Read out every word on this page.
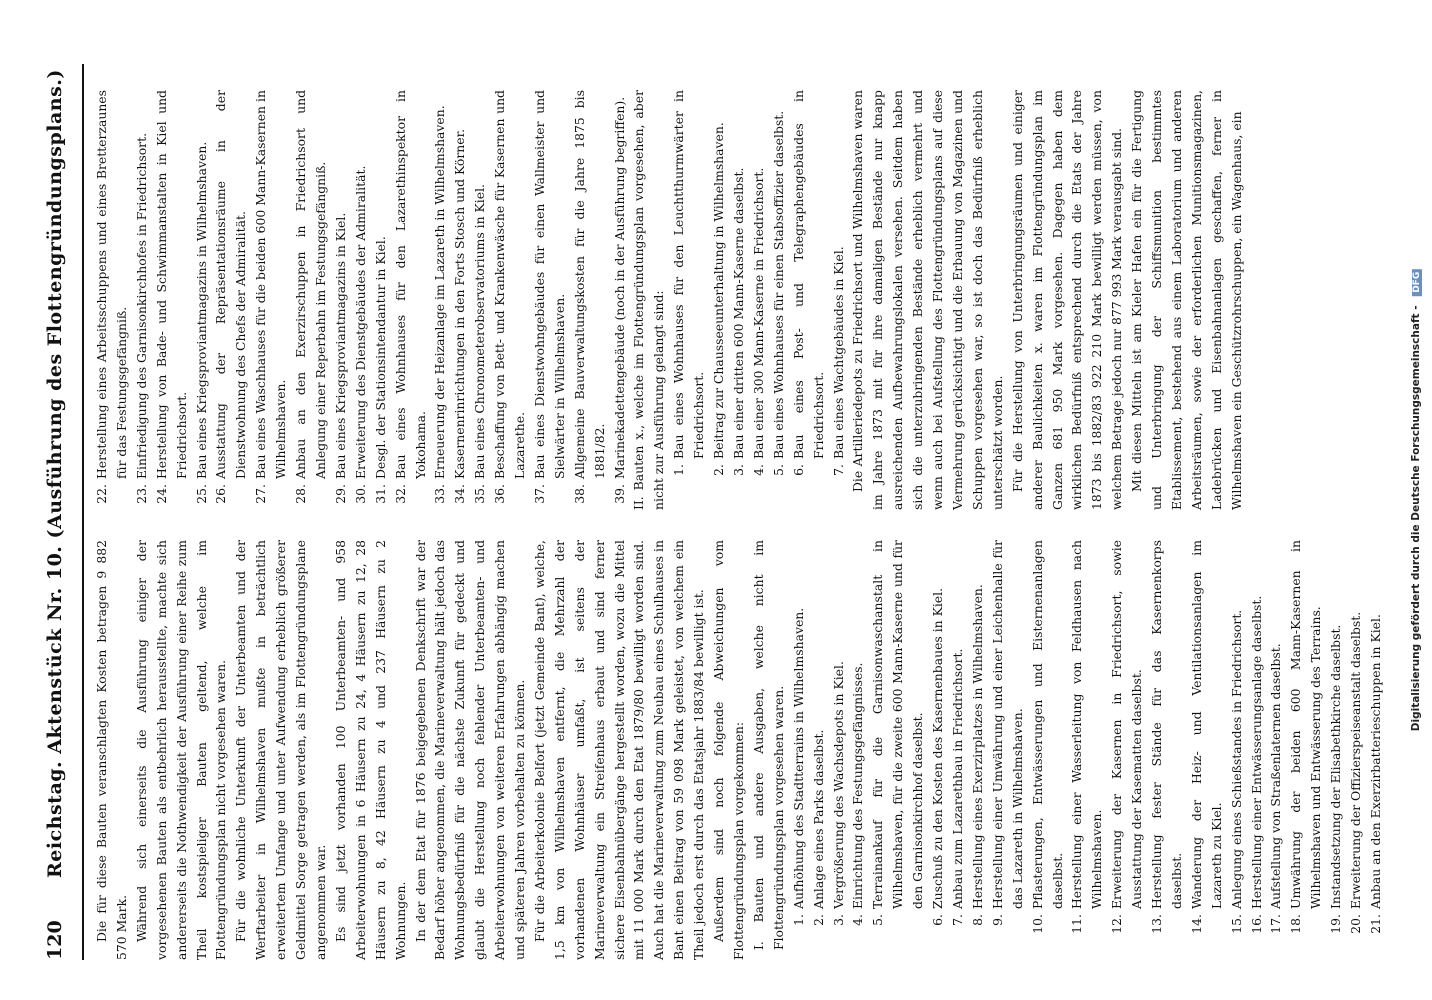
120
Reichstag. Aktenstück Nr. 10. (Ausführung des Flottengründungsplans.) Die für diese Bauten veranschlagten Kosten betragen 9 882 570 Mark. Während sich einerseits die Ausführung einiger der vorgesehenen Bauten als entbehrlich herausstellte, machte sich andererseits die Nothwendigkeit der Ausführung einer Reihe zum Theil kostspieliger Bauten geltend, welche im Flottengründungsplan nicht vorgesehen waren. Für die wohnliche Unterkunft der Unterbeamten und der Werftarbeiter in Wilhelmshaven mußte in beträchtlich erweitertem Umfange und unter Aufwendung erheblich größerer Geldmittel Sorge getragen werden, als im Flottengründungsplane angenommen war. Es sind jetzt vorhanden 100 Unterbeamten- und 958 Arbeiterwohnungen in 6 Häusern zu 24, 4 Häusern zu 12, 28 Häusern zu 8, 42 Häusern zu 4 und 237 Häusern zu 2 Wohnungen. In der dem Etat für 1876 beigegebenen Denkschrift war der Bedarf höher angenommen, die Marineverwaltung hält jedoch das Wohnungsbedürfniß für die nächste Zukunft für gedeckt und glaubt die Herstellung noch fehlender Unterbeamten- und Arbeiterwohnungen von weiteren Erfahrungen abhängig machen und späteren Jahren vorbehalten zu können. Für die Arbeiterkolonie Belfort (jetzt Gemeinde Bant), welche, 1,5 km von Wilhelmshaven entfernt, die Mehrzahl der vorhandenen Wohnhäuser umfaßt, ist seitens der Marineverwaltung ein Streifenhaus erbaut und sind ferner sichere Eisenbahnübergänge hergestellt worden, wozu die Mittel mit 11 000 Mark durch den Etat 1879/80 bewilligt worden sind. Auch hat die Marineverwaltung zum Neubau eines Schulhauses in Bant einen Beitrag von 59 098 Mark geleistet, von welchem ein Theil jedoch erst durch das Etatsjahr 1883/84 bewilligt ist. Außerdem sind noch folgende Abweichungen vom Flottengründungsplan vorgekommen: I. Bauten und andere Ausgaben, welche nicht im Flottengründungsplan vorgesehen waren. 1.
Aufhöhung des Stadtterrains in Wilhelmshaven.
2.
Anlage eines Parks daselbst.
3.
Vergrößerung des Wachsdepots in Kiel.
4.
Einrichtung des Festungsgefängnisses.
5.
Terrainankauf für die Garnisonwaschanstalt in Wilhelmshaven, für die zweite 600 Mann-Kaserne und für den Garnisonkirchhof daselbst.
6.
Zuschuß zu den Kosten des Kasernenbaues in Kiel.
7.
Anbau zum Lazarethbau in Friedrichsort.
8.
Herstellung eines Exerzirplatzes in Wilhelmshaven.
9.
Herstellung einer Umwährung und einer Leichenhalle für das Lazareth in Wilhelmshaven.
10.
Pflasterungen, Entwässerungen und Eisternenanlagen daselbst.
11.
Herstellung einer Wasserleitung von Feldhausen nach Wilhelmshaven.
12.
Erweiterung der Kasernen in Friedrichsort, sowie Ausstattung der Kasematten daselbst.
13.
Herstellung fester Stände für das Kasernenkorps daselbst.
14.
Wanderung der Heiz- und Ventilationsanlagen im Lazareth zu Kiel.
15.
Anlegung eines Schießstandes in Friedrichsort.
16.
Herstellung einer Entwässerungsanlage daselbst.
17.
Aufstellung von Straßenlaternen daselbst.
18.
Umwährung der beiden 600 Mann-Kasernen in Wilhelmshaven und Entwässerung des Terrains.
19.
Instandsetzung der Elisabethkirche daselbst.
20.
Erweiterung der Offizierspeiseanstalt daselbst.
21.
Anbau an den Exerzirbatterieschuppen in Kiel.
22.
Herstellung eines Arbeitsschuppens und eines Bretterzaunes für das Festungsgefängniß.
23.
Einfriedigung des Garnisonkirchhofes in Friedrichsort.
24.
Herstellung von Bade- und Schwimmanstalten in Kiel und Friedrichsort.
25.
Bau eines Kriegsproviantmagazins in Wilhelmshaven.
26.
Ausstattung der Repräsentationsräume in der Dienstwohnung des Chefs der Admiralität.
27.
Bau eines Waschhauses für die beiden 600 Mann-Kasernen in Wilhelmshaven.
28.
Anbau an den Exerzirschuppen in Friedrichsort und Anlegung einer Reperbahn im Festungsgefängniß.
29.
Bau eines Kriegsproviantmagazins in Kiel.
30.
Erweiterung des Dienstgebäudes der Admiralität.
31.
Desgl. der Stationsintendantur in Kiel.
32.
Bau eines Wohnhauses für den Lazarethinspektor in Yokohama.
33.
Erneuerung der Heizanlage im Lazareth in Wilhelmshaven.
34.
Kasernenrinrichtungen in den Forts Stosch und Körner.
35.
Bau eines Chronometerobservatoriums in Kiel.
36.
Beschaffung von Bett- und Krankenwäsche für Kasernen und Lazarethe.
37.
Bau eines Dienstwohngebäudes für einen Wallmeister und Sielwärter in Wilhelmshaven.
38.
Allgemeine Bauverwaltungskosten für die Jahre 1875 bis 1881/82.
39.
Marinekadettengebäude (noch in der Ausführung begriffen). II. Bauten x., welche im Flottengründungsplan vorgesehen, aber nicht zur Ausführung gelangt sind: 1.
Bau eines Wohnhauses für den Leuchtthurmwärter in Friedrichsort.
2.
Beitrag zur Chausseeunterhaltung in Wilhelmshaven.
3.
Bau einer dritten 600 Mann-Kaserne daselbst.
4.
Bau einer 300 Mann-Kaserne in Friedrichsort.
5.
Bau eines Wohnhauses für einen Stabsoffizier daselbst.
6.
Bau eines Post- und Telegraphengebäudes in Friedrichsort.
7.
Bau eines Wachtgebäudes in Kiel. Die Artilleriedepots zu Friedrichsort und Wilhelmshaven waren im Jahre 1873 mit für ihre damaligen Bestände nur knapp ausreichenden Aufbewahrungslokalen versehen. Seitdem haben sich die unterzubringenden Bestände erheblich vermehrt und wenn auch bei Aufstellung des Flottengründungsplans auf diese Vermehrung gerücksichtigt und die Erbauung von Magazinen und Schuppen vorgesehen war, so ist doch das Bedürfniß erheblich unterschätzt worden. Für die Herstellung von Unterbringungsräumen und einiger anderer Baulichkeiten x. waren im Flottengründungsplan im Ganzen 681 950 Mark vorgesehen. Dagegen haben dem wirklichen Bedürfniß entsprechend durch die Etats der Jahre 1873 bis 1882/83 922 210 Mark bewilligt werden müssen, von welchem Betrage jedoch nur 877 993 Mark verausgabt sind. Mit diesen Mitteln ist am Kieler Hafen ein für die Fertigung und Unterbringung der Schiffsmunition bestimmtes Etablissement, bestehend aus einem Laboratorium und anderen Arbeitsräumen, sowie der erforderlichen Munitionsmagazinen, Ladebrücken und Eisenbahnanlagen geschaffen, ferner in Wilhelmshaven ein Geschützrohrschuppen, ein Wagenhaus, ein	Digitalisierung gefördert durch die Deutsche Forschungsgemeinschaft - DFG
